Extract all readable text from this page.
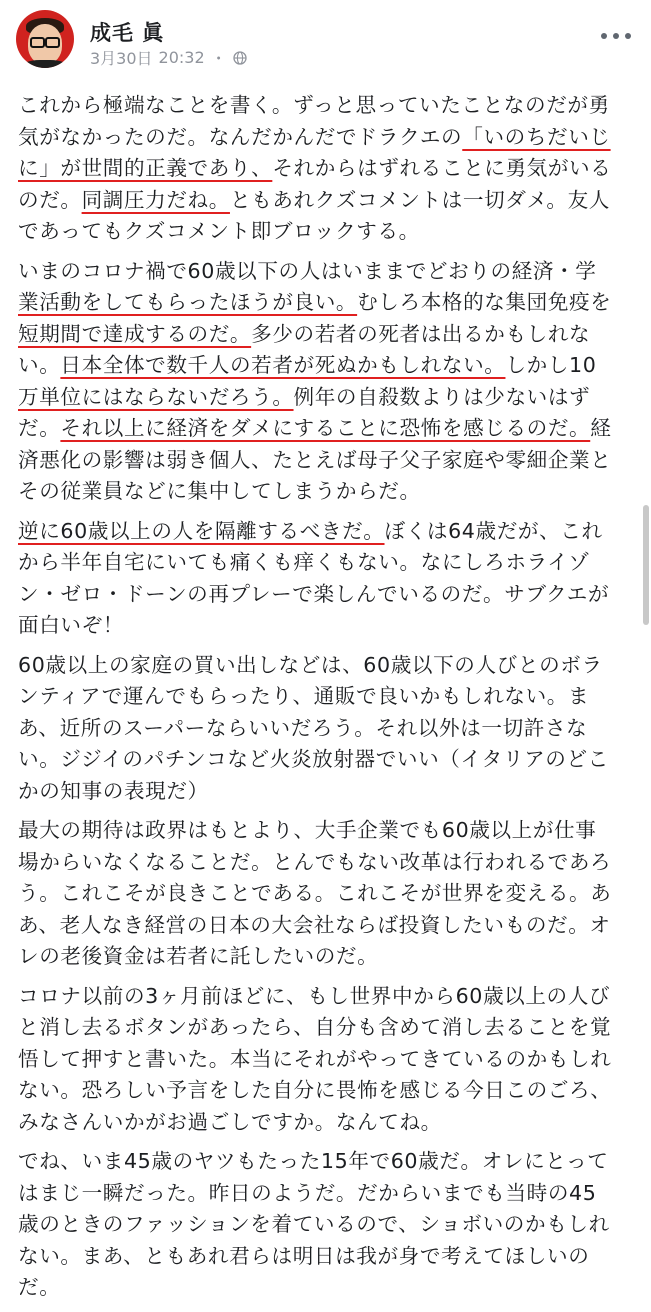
成毛 眞
3月30日 20:32 ・
これから極端なことを書く。ずっと思っていたことなのだが勇
気がなかったのだ。なんだかんだでドラクエの「いのちだいじ
に」が世間的正義であり、それからはずれることに勇気がいる
のだ。同調圧力だね。ともあれクズコメントは一切ダメ。友人
であってもクズコメント即ブロックする。
いまのコロナ禍で60歳以下の人はいままでどおりの経済・学
業活動をしてもらったほうが良い。むしろ本格的な集団免疫を
短期間で達成するのだ。多少の若者の死者は出るかもしれな
い。日本全体で数千人の若者が死ぬかもしれない。しかし10
万単位にはならないだろう。例年の自殺数よりは少ないはず
だ。それ以上に経済をダメにすることに恐怖を感じるのだ。経
済悪化の影響は弱き個人、たとえば母子父子家庭や零細企業と
その従業員などに集中してしまうからだ。
逆に60歳以上の人を隔離するべきだ。ぼくは64歳だが、これ
から半年自宅にいても痛くも痒くもない。なにしろホライゾ
ン・ゼロ・ドーンの再プレーで楽しんでいるのだ。サブクエが
面白いぞ！
60歳以上の家庭の買い出しなどは、60歳以下の人びとのボラ
ンティアで運んでもらったり、通販で良いかもしれない。ま
あ、近所のスーパーならいいだろう。それ以外は一切許さな
い。ジジイのパチンコなど火炎放射器でいい（イタリアのどこ
かの知事の表現だ）
最大の期待は政界はもとより、大手企業でも60歳以上が仕事
場からいなくなることだ。とんでもない改革は行われるであろ
う。これこそが良きことである。これこそが世界を変える。あ
あ、老人なき経営の日本の大会社ならば投資したいものだ。オ
レの老後資金は若者に託したいのだ。
コロナ以前の3ヶ月前ほどに、もし世界中から60歳以上の人び
と消し去るボタンがあったら、自分も含めて消し去ることを覚
悟して押すと書いた。本当にそれがやってきているのかもしれ
ない。恐ろしい予言をした自分に畏怖を感じる今日このごろ、
みなさんいかがお過ごしですか。なんてね。
でね、いま45歳のヤツもたった15年で60歳だ。オレにとって
はまじ一瞬だった。昨日のようだ。だからいまでも当時の45
歳のときのファッションを着ているので、ショボいのかもしれ
ない。まあ、ともあれ君らは明日は我が身で考えてほしいの
だ。
